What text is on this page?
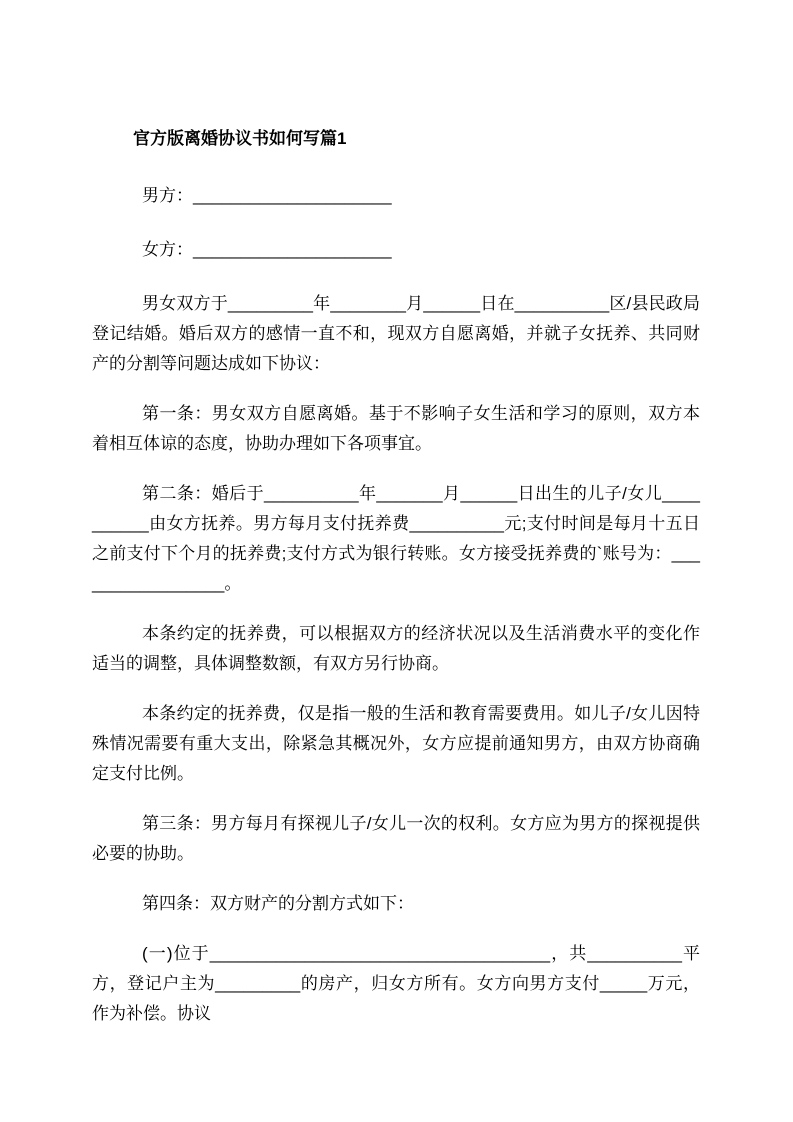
官方版离婚协议书如何写篇1

男方：_____________________

女方：_____________________

男女双方于_________年________月______日在__________区/县民政局登记结婚。婚后双方的感情一直不和，现双方自愿离婚，并就子女抚养、共同财产的分割等问题达成如下协议：

第一条：男女双方自愿离婚。基于不影响子女生活和学习的原则，双方本着相互体谅的态度，协助办理如下各项事宜。

第二条：婚后于__________年_______月______日出生的儿子/女儿__________由女方抚养。男方每月支付抚养费__________元;支付时间是每月十五日之前支付下个月的抚养费;支付方式为银行转账。女方接受抚养费的`账号为：_________________。

本条约定的抚养费，可以根据双方的经济状况以及生活消费水平的变化作适当的调整，具体调整数额，有双方另行协商。

本条约定的抚养费，仅是指一般的生活和教育需要费用。如儿子/女儿因特殊情况需要有重大支出，除紧急其概况外，女方应提前通知男方，由双方协商确定支付比例。

第三条：男方每月有探视儿子/女儿一次的权利。女方应为男方的探视提供必要的协助。

第四条：双方财产的分割方式如下：

(一)位于____________________________________，共__________平方，登记户主为_________的房产，归女方所有。女方向男方支付_____万元，作为补偿。协议
